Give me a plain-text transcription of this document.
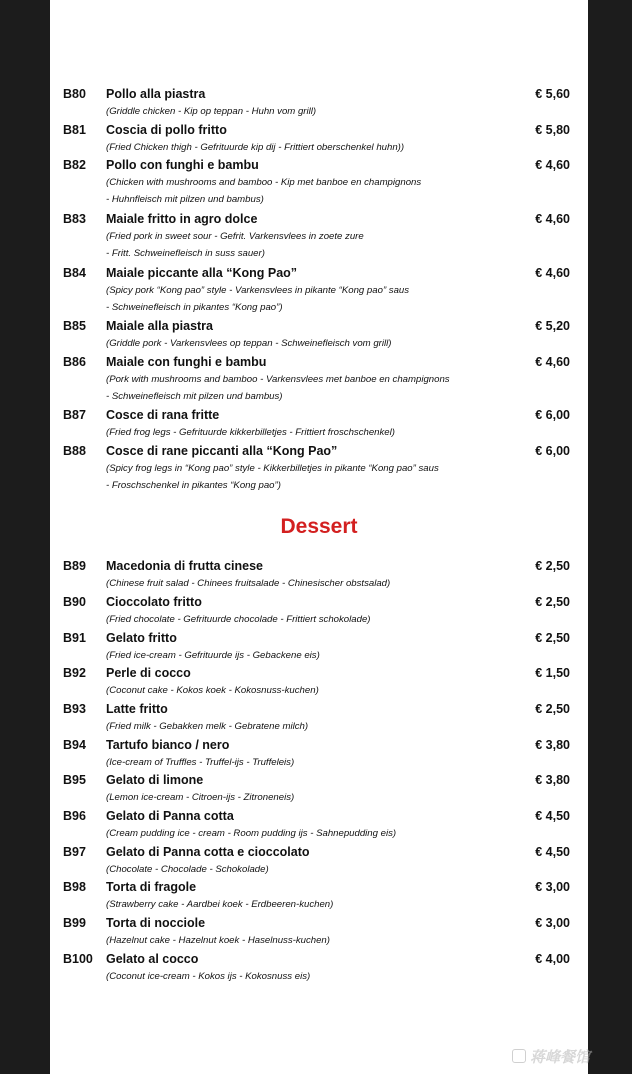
B80 Pollo alla piastra	€ 5,60
(Griddle chicken - Kip op teppan - Huhn vom grill)
B81 Coscia di pollo fritto	€ 5,80
(Fried Chicken thigh - Gefrituurde kip dij - Frittiert oberschenkel huhn))
B82 Pollo con funghi e bambu	€ 4,60
(Chicken with mushrooms and bamboo - Kip met banboe en champignons
- Huhnfleisch mit pilzen und bambus)
B83 Maiale fritto in agro dolce	€ 4,60
(Fried pork in sweet sour - Gefrit. Varkensvlees in zoete zure
- Fritt. Schweinefleisch in suss sauer)
B84 Maiale piccante alla “Kong Pao”	€ 4,60
(Spicy pork “Kong pao” style - Varkensvlees in pikante “Kong pao” saus
- Schweinefleisch in pikantes “Kong pao”)
B85 Maiale alla piastra	€ 5,20
(Griddle pork - Varkensvlees op teppan - Schweinefleisch vom grill)
B86 Maiale con funghi e bambu	€ 4,60
(Pork with mushrooms and bamboo - Varkensvlees met banboe en champignons
- Schweinefleisch mit pilzen und bambus)
B87 Cosce di rana fritte	€ 6,00
(Fried frog legs - Gefrituurde kikkerbilletjes - Frittiert froschschenkel)
B88 Cosce di rane piccanti alla “Kong Pao”	€ 6,00
(Spicy frog legs in “Kong pao” style - Kikkerbilletjes in pikante “Kong pao” saus
- Froschschenkel in pikantes “Kong pao”)
Dessert
B89 Macedonia di frutta cinese	€ 2,50
(Chinese fruit salad - Chinees fruitsalade - Chinesischer obstsalad)
B90 Cioccolato fritto	€ 2,50
(Fried chocolate - Gefrituurde chocolade - Frittiert schokolade)
B91 Gelato fritto	€ 2,50
(Fried ice-cream - Gefrituurde ijs - Gebackene eis)
B92 Perle di cocco	€ 1,50
(Coconut cake - Kokos koek - Kokosnuss-kuchen)
B93 Latte fritto	€ 2,50
(Fried milk - Gebakken melk - Gebratene milch)
B94 Tartufo bianco / nero	€ 3,80
(Ice-cream of Truffles - Truffel-ijs - Truffeleis)
B95 Gelato di limone	€ 3,80
(Lemon ice-cream - Citroen-ijs - Zitroneneis)
B96 Gelato di Panna cotta	€ 4,50
(Cream pudding ice - cream - Room pudding ijs - Sahnepudding eis)
B97 Gelato di Panna cotta e cioccolato	€ 4,50
(Chocolate - Chocolade - Schokolade)
B98 Torta di fragole	€ 3,00
(Strawberry cake - Aardbei koek - Erdbeeren-kuchen)
B99 Torta di nocciole	€ 3,00
(Hazelnut cake - Hazelnut koek - Haselnuss-kuchen)
B100 Gelato al cocco	€ 4,00
(Coconut ice-cream - Kokos ijs - Kokosnuss eis)
蒋峰餐馆
